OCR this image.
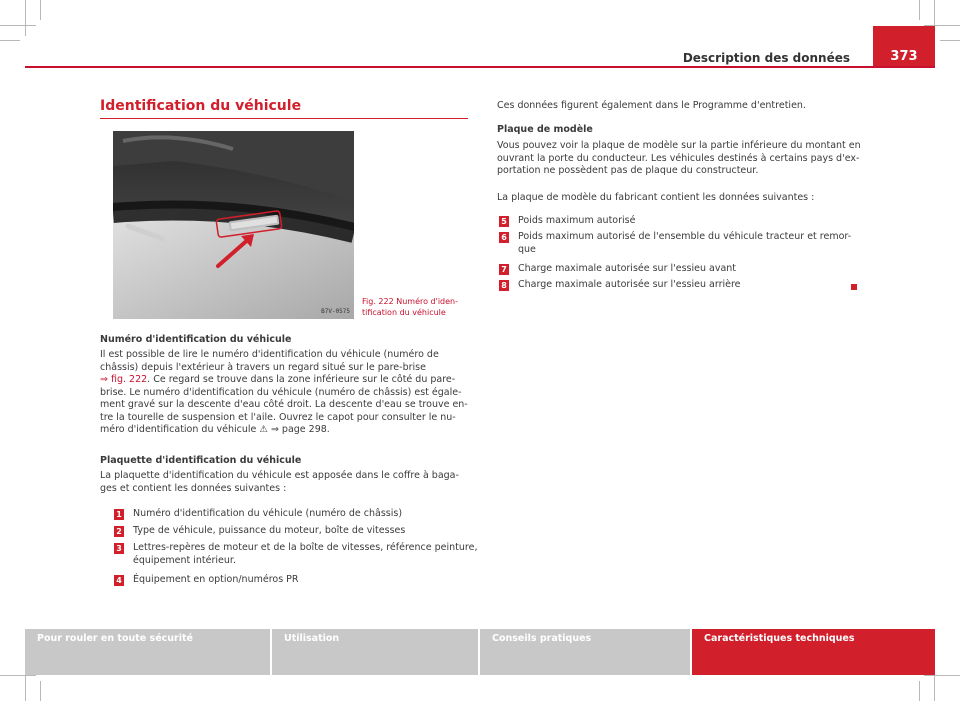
Description des données	373
Identification du véhicule
B7V-0575
Fig. 222 Numéro d'iden-
tification du véhicule
Numéro d'identification du véhicule
Il est possible de lire le numéro d'identification du véhicule (numéro de
châssis) depuis l'extérieur à travers un regard situé sur le pare-brise
⇒ fig. 222. Ce regard se trouve dans la zone inférieure sur le côté du pare-
brise. Le numéro d'identification du véhicule (numéro de châssis) est égale-
ment gravé sur la descente d'eau côté droit. La descente d'eau se trouve en-
tre la tourelle de suspension et l'aile. Ouvrez le capot pour consulter le nu-
méro d'identification du véhicule ⚠ ⇒ page 298.
Plaquette d'identification du véhicule
La plaquette d'identification du véhicule est apposée dans le coffre à baga-
ges et contient les données suivantes :
1 Numéro d'identification du véhicule (numéro de châssis)
2 Type de véhicule, puissance du moteur, boîte de vitesses
3 Lettres-repères de moteur et de la boîte de vitesses, référence peinture,
équipement intérieur.
4 Équipement en option/numéros PR
Ces données figurent également dans le Programme d'entretien.
Plaque de modèle
Vous pouvez voir la plaque de modèle sur la partie inférieure du montant en
ouvrant la porte du conducteur. Les véhicules destinés à certains pays d'ex-
portation ne possèdent pas de plaque du constructeur.
La plaque de modèle du fabricant contient les données suivantes :
5 Poids maximum autorisé
6 Poids maximum autorisé de l'ensemble du véhicule tracteur et remor-
que
7 Charge maximale autorisée sur l'essieu avant
8 Charge maximale autorisée sur l'essieu arrière
Pour rouler en toute sécurité	Utilisation	Conseils pratiques	Caractéristiques techniques
